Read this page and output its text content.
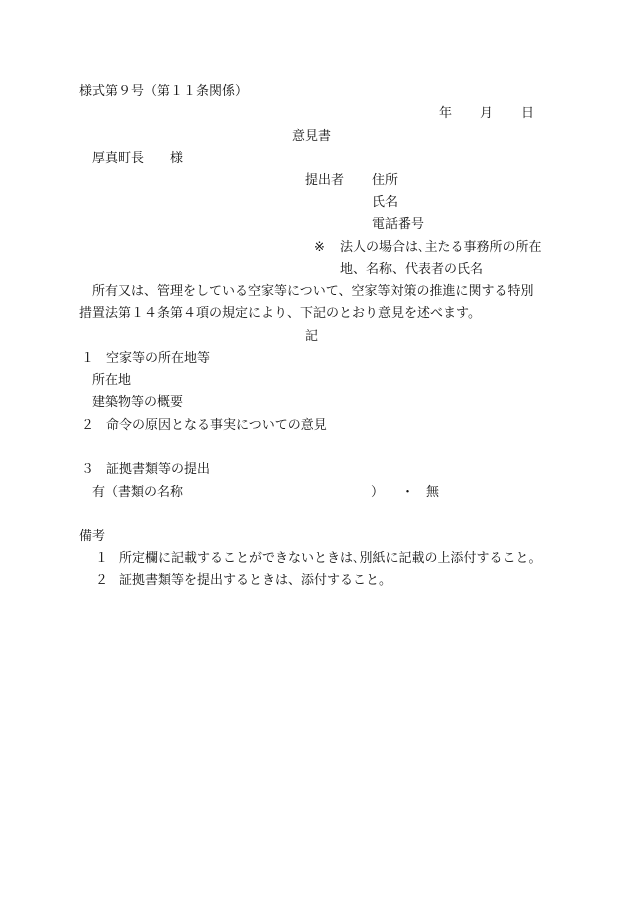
様式第９号（第１１条関係）
年 月 日
意見書
厚真町長　　様
提出者 住所
氏名
電話番号
※ 法人の場合は､主たる事務所の所在
地、名称、代表者の氏名
所有又は、管理をしている空家等について、空家等対策の推進に関する特別
措置法第１４条第４項の規定により、下記のとおり意見を述べます。
記
１ 空家等の所在地等
所在地
建築物等の概要
２ 命令の原因となる事実についての意見
３ 証拠書類等の提出
有（書類の名称	） ・ 無
備考
１ 所定欄に記載することができないときは､別紙に記載の上添付すること。
２ 証拠書類等を提出するときは、添付すること。
